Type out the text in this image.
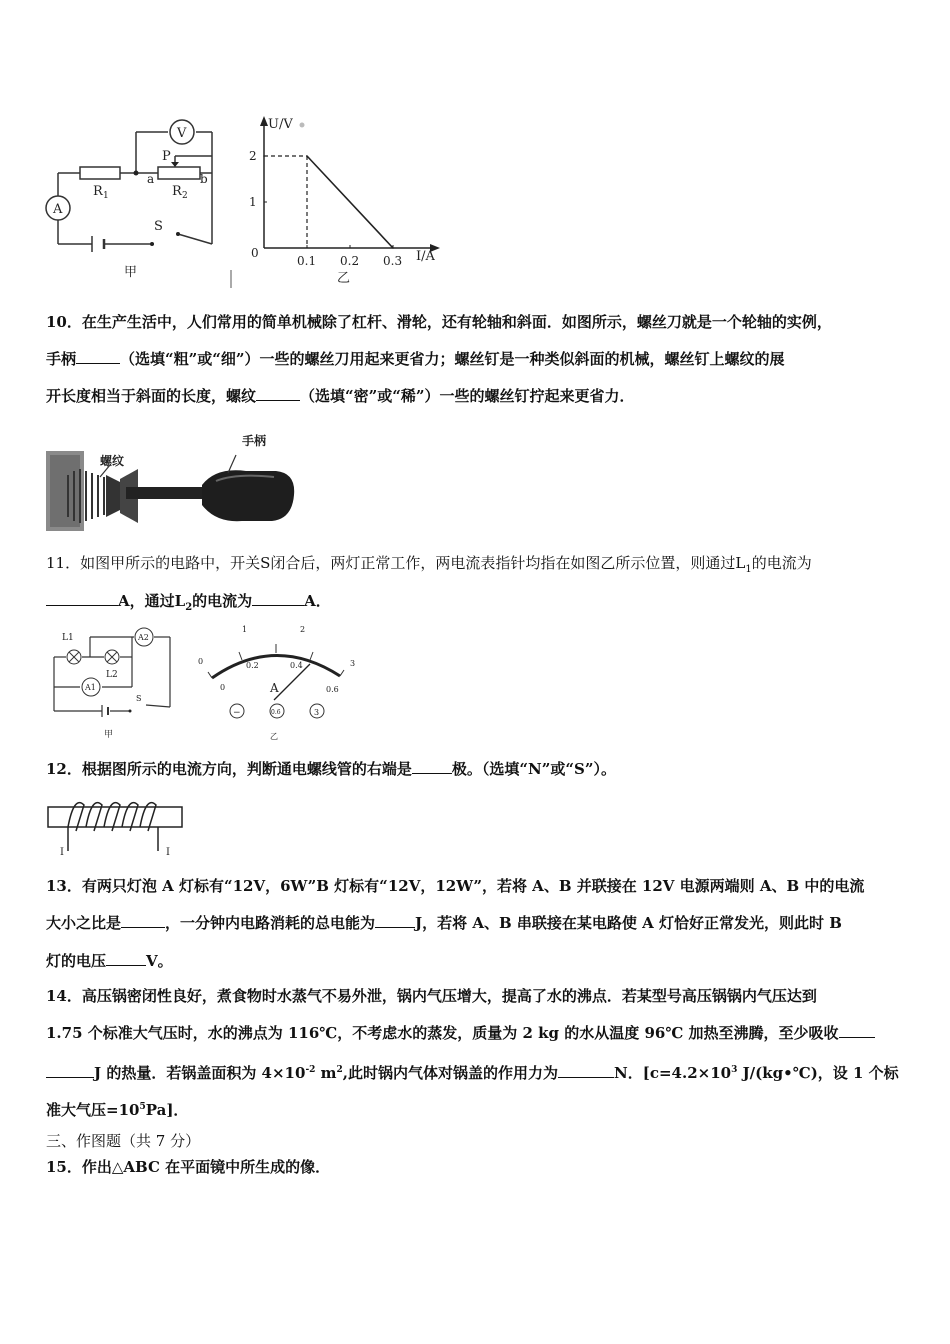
V
A
R 1	R 2
P
a	b
S
甲
U/V
I/A
0
0.1 0.2 0.3
2
1
乙
10．在生产生活中，人们常用的简单机械除了杠杆、滑轮，还有轮轴和斜面．如图所示，螺丝刀就是一个轮轴的实例，
手柄	（选填“粗”或“细”）一些的螺丝刀用起来更省力；螺丝钉是一种类似斜面的机械，螺丝钉上螺纹的展
开长度相当于斜面的长度，螺纹	（选填“密”或“稀”）一些的螺丝钉拧起来更省力．
螺纹
手柄
11．如图甲所示的电路中，开关S闭合后，两灯正常工作，两电流表指针均指在如图乙所示位置，则通过$L_1$的电流为
A，通过$L_2$的电流为	A．
L1
L2
A2
A1
S
甲
0
1	2
3
0
0.2	0.4
0.6
A
−	0.6	3
乙
12．根据图所示的电流方向，判断通电螺线管的右端是	极。（选填“N”或“S”）。
I	I
13．有两只灯泡 A 灯标有“12V，6W”B 灯标有“12V，12W”，若将 A、B 并联接在 12V 电源两端则 A、B 中的电流
大小之比是	，一分钟内电路消耗的总电能为	J，若将 A、B 串联接在某电路使 A 灯恰好正常发光，则此时 B
灯的电压	V。
14．高压锅密闭性良好，煮食物时水蒸气不易外泄，锅内气压增大，提高了水的沸点．若某型号高压锅锅内气压达到
1.75 个标准大气压时，水的沸点为 116℃，不考虑水的蒸发，质量为 2 kg 的水从温度 96℃ 加热至沸腾，至少吸收
J 的热量．若锅盖面积为 $4\times 10^{-2}$ $m^2$,此时锅内气体对锅盖的作用力为	N．[$c=4.2\times 10^3$ J/(kg•℃)，设 1 个标
准大气压$=10^5Pa$]．
三、作图题（共 7 分）
15．作出△ABC 在平面镜中所生成的像．
